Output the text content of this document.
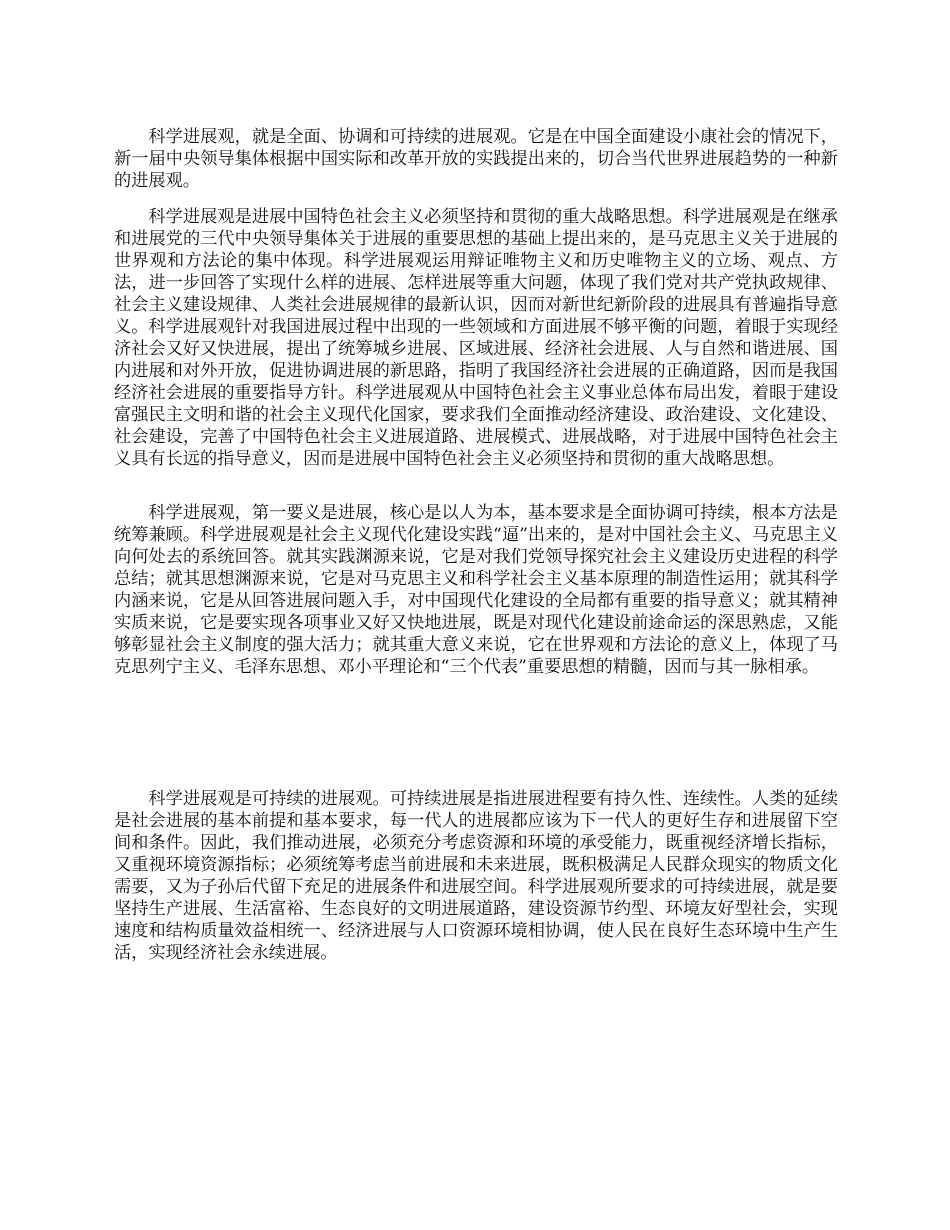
科学进展观，就是全面、协调和可持续的进展观。它是在中国全面建设小康社会的情况下，新一届中央领导集体根据中国实际和改革开放的实践提出来的，切合当代世界进展趋势的一种新的进展观。

科学进展观是进展中国特色社会主义必须坚持和贯彻的重大战略思想。科学进展观是在继承和进展党的三代中央领导集体关于进展的重要思想的基础上提出来的，是马克思主义关于进展的世界观和方法论的集中体现。科学进展观运用辩证唯物主义和历史唯物主义的立场、观点、方法，进一步回答了实现什么样的进展、怎样进展等重大问题，体现了我们党对共产党执政规律、社会主义建设规律、人类社会进展规律的最新认识，因而对新世纪新阶段的进展具有普遍指导意义。科学进展观针对我国进展过程中出现的一些领域和方面进展不够平衡的问题，着眼于实现经济社会又好又快进展，提出了统筹城乡进展、区域进展、经济社会进展、人与自然和谐进展、国内进展和对外开放，促进协调进展的新思路，指明了我国经济社会进展的正确道路，因而是我国经济社会进展的重要指导方针。科学进展观从中国特色社会主义事业总体布局出发，着眼于建设富强民主文明和谐的社会主义现代化国家，要求我们全面推动经济建设、政治建设、文化建设、社会建设，完善了中国特色社会主义进展道路、进展模式、进展战略，对于进展中国特色社会主义具有长远的指导意义，因而是进展中国特色社会主义必须坚持和贯彻的重大战略思想。

科学进展观，第一要义是进展，核心是以人为本，基本要求是全面协调可持续，根本方法是统筹兼顾。科学进展观是社会主义现代化建设实践“逼”出来的，是对中国社会主义、马克思主义向何处去的系统回答。就其实践渊源来说，它是对我们党领导探究社会主义建设历史进程的科学总结；就其思想渊源来说，它是对马克思主义和科学社会主义基本原理的制造性运用；就其科学内涵来说，它是从回答进展问题入手，对中国现代化建设的全局都有重要的指导意义；就其精神实质来说，它是要实现各项事业又好又快地进展，既是对现代化建设前途命运的深思熟虑，又能够彰显社会主义制度的强大活力；就其重大意义来说，它在世界观和方法论的意义上，体现了马克思列宁主义、毛泽东思想、邓小平理论和“三个代表”重要思想的精髓，因而与其一脉相承。

科学进展观是可持续的进展观。可持续进展是指进展进程要有持久性、连续性。人类的延续是社会进展的基本前提和基本要求，每一代人的进展都应该为下一代人的更好生存和进展留下空间和条件。因此，我们推动进展，必须充分考虑资源和环境的承受能力，既重视经济增长指标，又重视环境资源指标；必须统筹考虑当前进展和未来进展，既积极满足人民群众现实的物质文化需要，又为子孙后代留下充足的进展条件和进展空间。科学进展观所要求的可持续进展，就是要坚持生产进展、生活富裕、生态良好的文明进展道路，建设资源节约型、环境友好型社会，实现速度和结构质量效益相统一、经济进展与人口资源环境相协调，使人民在良好生态环境中生产生活，实现经济社会永续进展。
